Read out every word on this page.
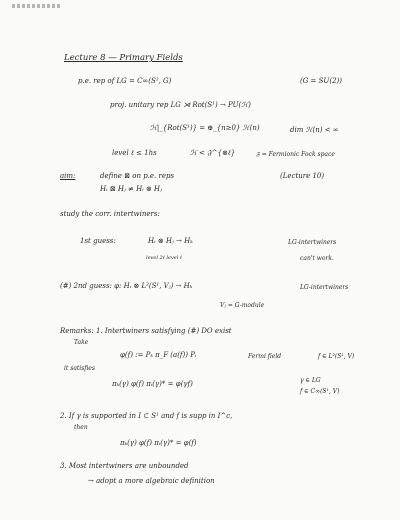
Lecture 8 — Primary Fields
p.e. rep of LG = C∞(S¹, G)	(G = SU(2))
proj. unitary rep LG ⋊ Rot(S¹) → PU(ℋ)
ℋ|_{Rot(S¹)} = ⊕_{n≥0} ℋ(n)	dim ℋ(n) < ∞
level ℓ ≤ 1hs	ℋ < 𝔉^{⊗ℓ}	𝔉 = Fermionic Fock space
aim:	define ⊠ on p.e. reps	(Lecture 10)
Hᵢ ⊠ Hⱼ ≠ Hᵢ ⊗ Hⱼ
study the corr. intertwiners:
1st guess:	Hᵢ ⊗ Hⱼ → Hₖ	LG-intertwiners
level 2ℓ level ℓ	can't work.
(#) 2nd guess: φ: Hᵢ ⊗ L²(S¹, Vⱼ) → Hₖ	LG-intertwiners
Vⱼ = G-module
Remarks: 1. Intertwiners satisfying (#) DO exist
Take
φ(f) := Pₖ π_F (a(f)) Pᵢ	Fermi field	f ∈ L²(S¹, V)
it satisfies
πₖ(γ) φ(f) πᵢ(γ)* = φ(γf)	γ ∈ LG
f ∈ C∞(S¹, V)
2. If γ is supported in I ⊂ S¹ and f is supp in I^c,
then
πₖ(γ) φ(f) πᵢ(γ)* = φ(f)
3. Most intertwiners are unbounded
⤳ adopt a more algebraic definition
